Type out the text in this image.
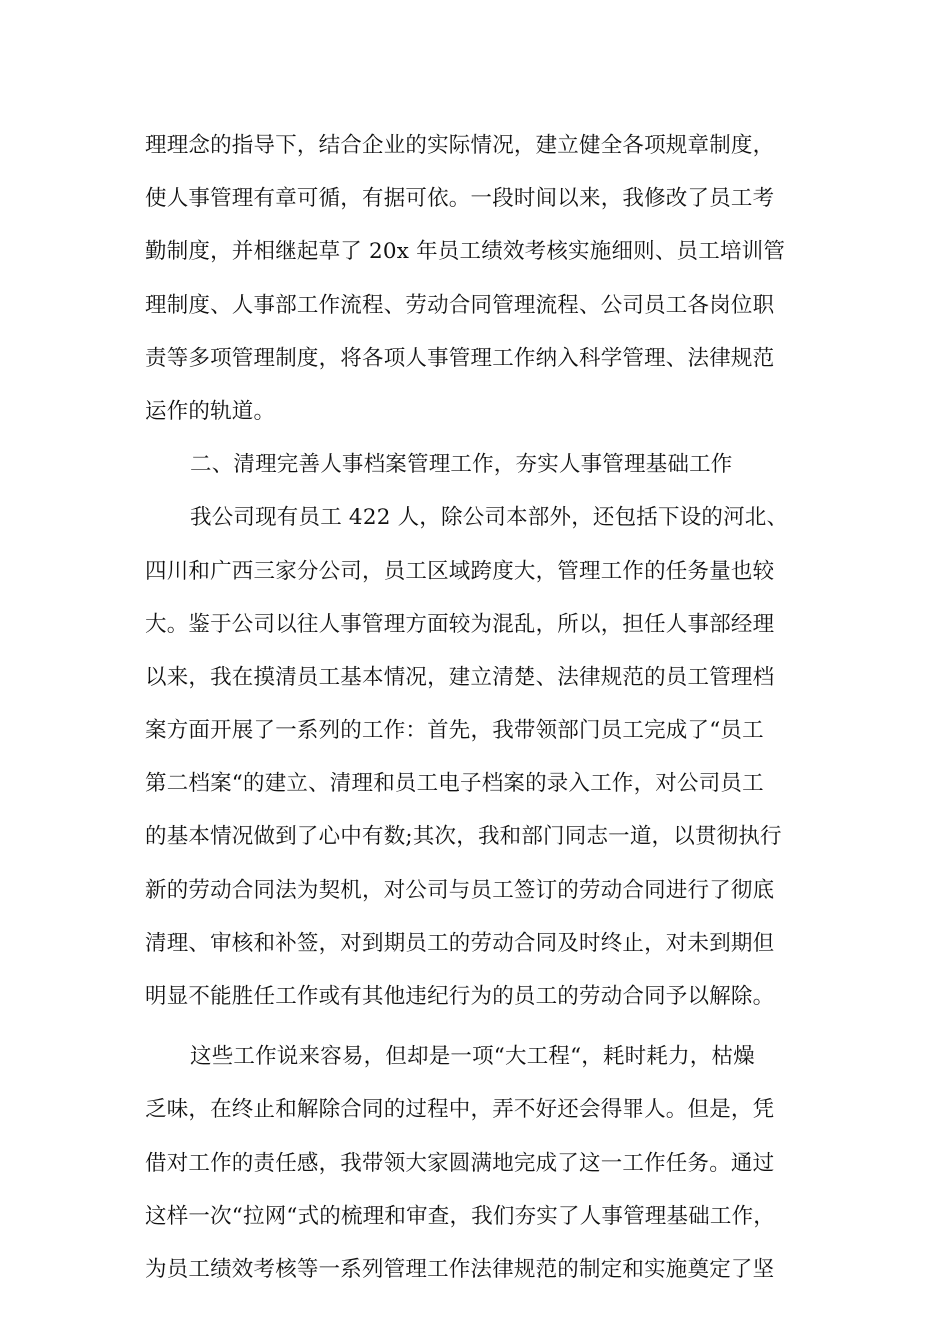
理理念的指导下，结合企业的实际情况，建立健全各项规章制度，
使人事管理有章可循，有据可依。一段时间以来，我修改了员工考
勤制度，并相继起草了 20x 年员工绩效考核实施细则、员工培训管
理制度、人事部工作流程、劳动合同管理流程、公司员工各岗位职
责等多项管理制度，将各项人事管理工作纳入科学管理、法律规范
运作的轨道。
二、清理完善人事档案管理工作，夯实人事管理基础工作
我公司现有员工 422 人，除公司本部外，还包括下设的河北、
四川和广西三家分公司，员工区域跨度大，管理工作的任务量也较
大。鉴于公司以往人事管理方面较为混乱，所以，担任人事部经理
以来，我在摸清员工基本情况，建立清楚、法律规范的员工管理档
案方面开展了一系列的工作：首先，我带领部门员工完成了“员工
第二档案“的建立、清理和员工电子档案的录入工作，对公司员工
的基本情况做到了心中有数;其次，我和部门同志一道，以贯彻执行
新的劳动合同法为契机，对公司与员工签订的劳动合同进行了彻底
清理、审核和补签，对到期员工的劳动合同及时终止，对未到期但
明显不能胜任工作或有其他违纪行为的员工的劳动合同予以解除。
这些工作说来容易，但却是一项“大工程“，耗时耗力，枯燥
乏味，在终止和解除合同的过程中，弄不好还会得罪人。但是，凭
借对工作的责任感，我带领大家圆满地完成了这一工作任务。通过
这样一次“拉网“式的梳理和审查，我们夯实了人事管理基础工作，
为员工绩效考核等一系列管理工作法律规范的制定和实施奠定了坚
